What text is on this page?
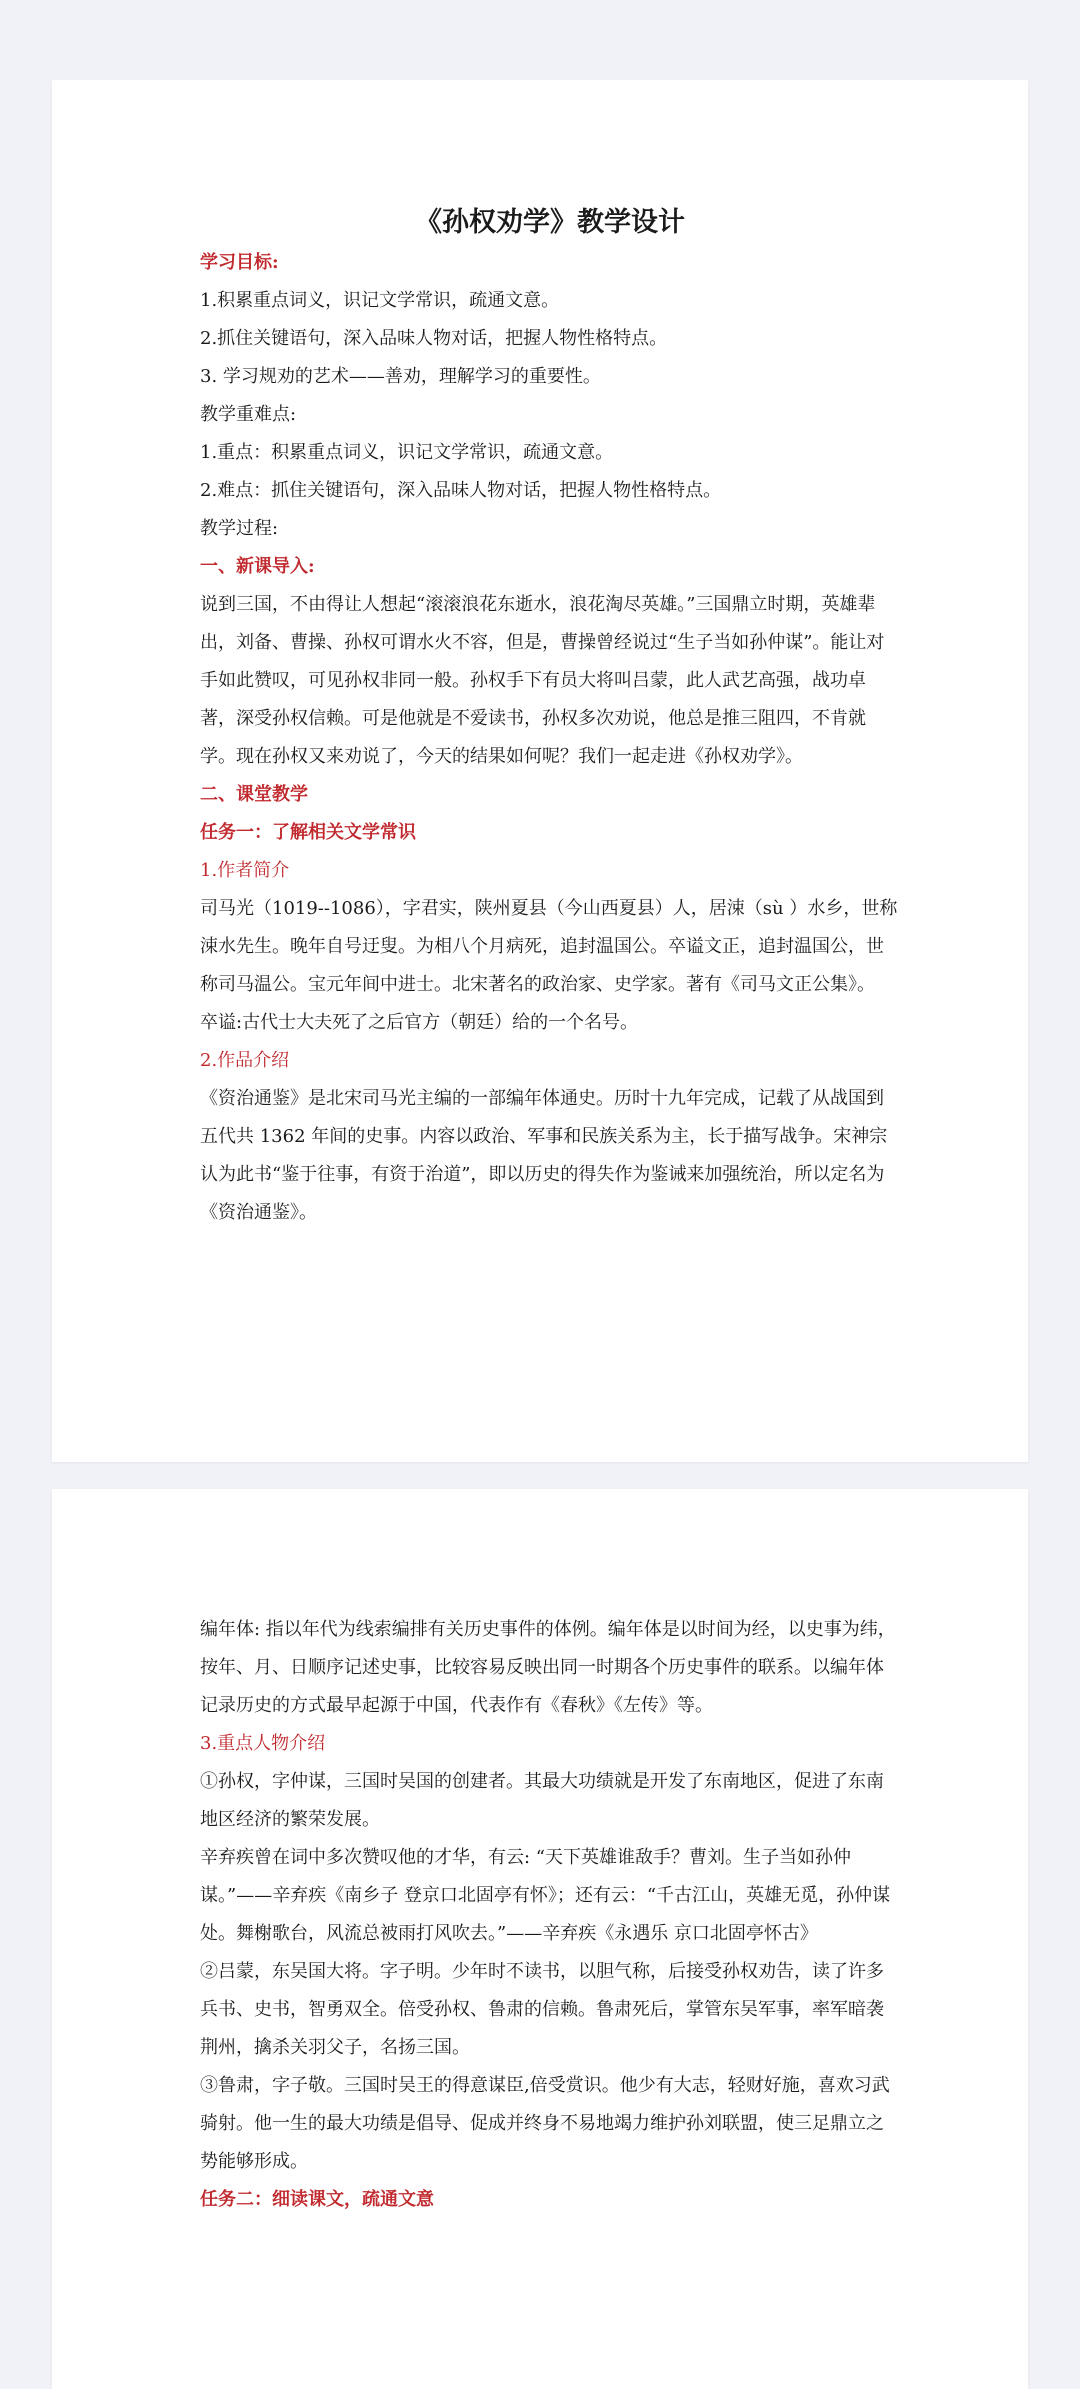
《孙权劝学》教学设计

学习目标:

1.积累重点词义，识记文学常识，疏通文意。

2.抓住关键语句，深入品味人物对话，把握人物性格特点。

3. 学习规劝的艺术——善劝，理解学习的重要性。

教学重难点:

1.重点：积累重点词义，识记文学常识，疏通文意。

2.难点：抓住关键语句，深入品味人物对话，把握人物性格特点。

教学过程:

一、新课导入:

说到三国，不由得让人想起“滚滚浪花东逝水，浪花淘尽英雄。”三国鼎立时期，英雄辈出，刘备、曹操、孙权可谓水火不容，但是，曹操曾经说过“生子当如孙仲谋”。能让对手如此赞叹，可见孙权非同一般。孙权手下有员大将叫吕蒙，此人武艺高强，战功卓著，深受孙权信赖。可是他就是不爱读书，孙权多次劝说，他总是推三阻四，不肯就学。现在孙权又来劝说了，今天的结果如何呢？我们一起走进《孙权劝学》。

二、课堂教学

任务一：了解相关文学常识

1.作者简介

司马光（1019--1086），字君实，陕州夏县（今山西夏县）人，居涑（sù ）水乡，世称涑水先生。晚年自号迂叟。为相八个月病死，追封温国公。卒谥文正，追封温国公，世称司马温公。宝元年间中进士。北宋著名的政治家、史学家。著有《司马文正公集》。

卒谥:古代士大夫死了之后官方（朝廷）给的一个名号。

2.作品介绍

《资治通鉴》是北宋司马光主编的一部编年体通史。历时十九年完成，记载了从战国到五代共 1362 年间的史事。内容以政治、军事和民族关系为主，长于描写战争。宋神宗认为此书“鉴于往事，有资于治道”，即以历史的得失作为鉴诫来加强统治，所以定名为《资治通鉴》。

编年体: 指以年代为线索编排有关历史事件的体例。编年体是以时间为经，以史事为纬，按年、月、日顺序记述史事，比较容易反映出同一时期各个历史事件的联系。以编年体记录历史的方式最早起源于中国，代表作有《春秋》《左传》等。

3.重点人物介绍

①孙权，字仲谋，三国时吴国的创建者。其最大功绩就是开发了东南地区，促进了东南地区经济的繁荣发展。

辛弃疾曾在词中多次赞叹他的才华，有云: “天下英雄谁敌手？曹刘。生子当如孙仲谋。”——辛弃疾《南乡子 登京口北固亭有怀》；还有云：“千古江山，英雄无觅，孙仲谋处。舞榭歌台，风流总被雨打风吹去。”——辛弃疾《永遇乐 京口北固亭怀古》

②吕蒙，东吴国大将。字子明。少年时不读书，以胆气称，后接受孙权劝告，读了许多兵书、史书，智勇双全。倍受孙权、鲁肃的信赖。鲁肃死后，掌管东吴军事，率军暗袭荆州，擒杀关羽父子，名扬三国。

③鲁肃，字子敬。三国时吴王的得意谋臣,倍受赏识。他少有大志，轻财好施，喜欢习武骑射。他一生的最大功绩是倡导、促成并终身不易地竭力维护孙刘联盟，使三足鼎立之势能够形成。

任务二：细读课文，疏通文意
